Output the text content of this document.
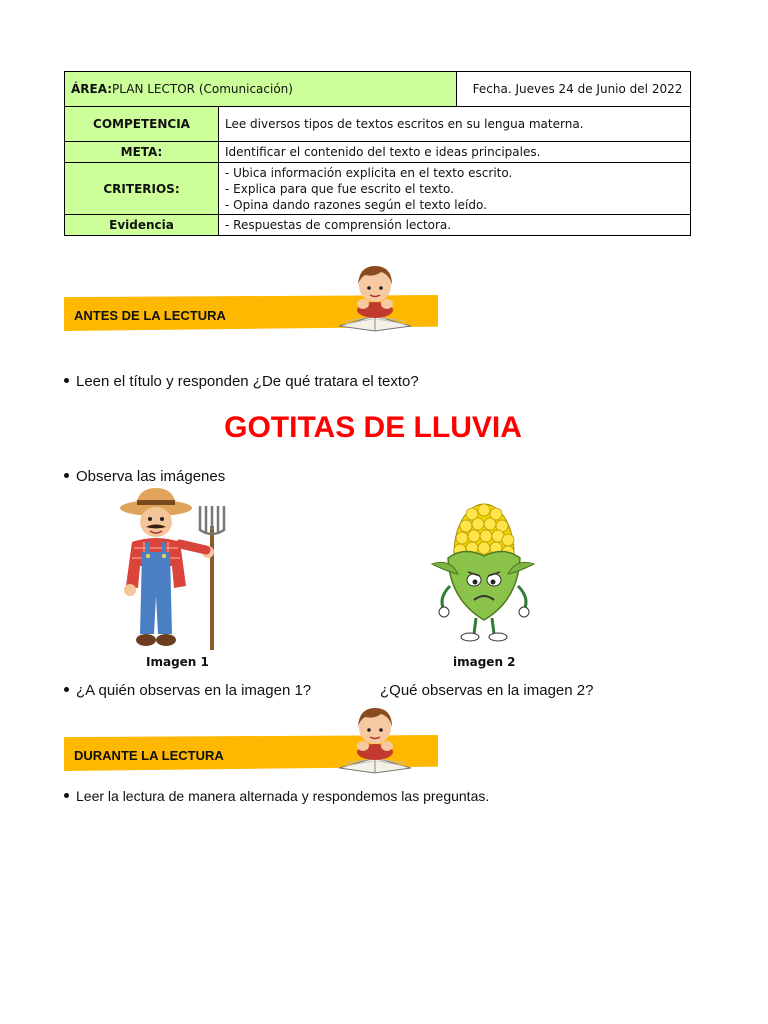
ÁREA:PLAN LECTOR (Comunicación)		Fecha. Jueves 24 de Junio del 2022
COMPETENCIA	Lee diversos tipos de textos escritos en su lengua materna.	
META:	Identificar el contenido del texto e ideas principales.	
CRITERIOS:	- Ubica información explicita en el texto escrito.
- Explica para que fue escrito el texto.
- Opina dando razones según el texto leído.	

Evidencia	- Respuestas de comprensión lectora.	
ANTES DE LA LECTURA
Leen el título y responden ¿De qué tratara el texto?
GOTITAS DE LLUVIA
Observa las imágenes
Imagen 1	imagen 2
¿A quién observas en la imagen 1?	¿Qué observas en la imagen 2?
DURANTE LA LECTURA
Leer la lectura de manera alternada y respondemos las preguntas.
